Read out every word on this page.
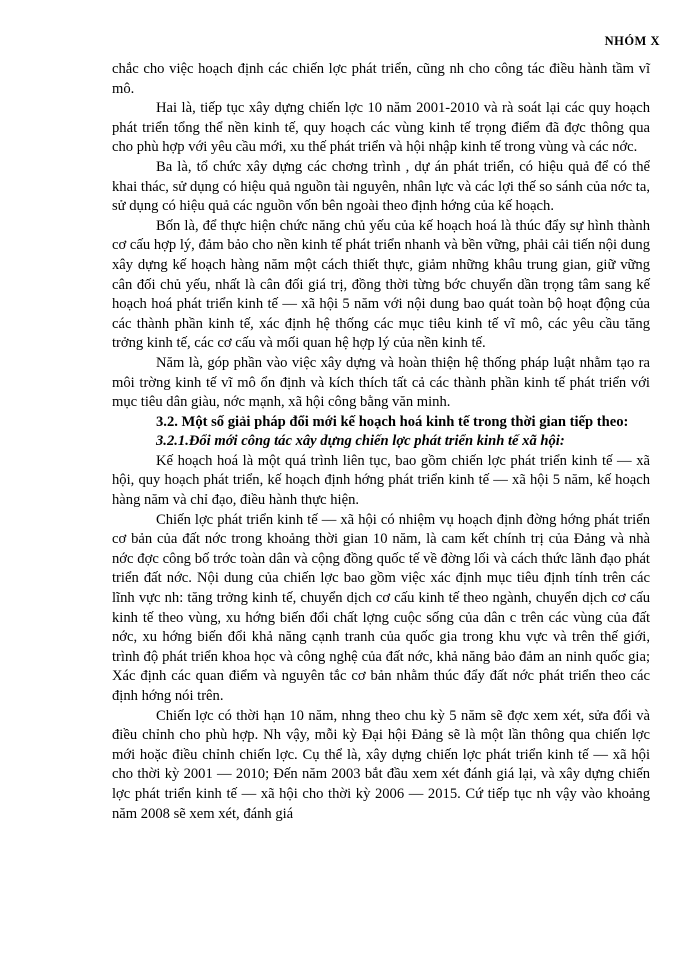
NHÓM X

chắc cho việc hoạch định các chiến lợc phát triển, cũng nh cho công tác điều hành tầm vĩ mô.

Hai là, tiếp tục xây dựng chiến lợc 10 năm 2001-2010 và rà soát lại các quy hoạch phát triển tổng thể nền kinh tế, quy hoạch các vùng kinh tế trọng điểm đã đợc thông qua cho phù hợp với yêu cầu mới, xu thế phát triển và hội nhập kinh tế trong vùng và các nớc.

Ba là, tổ chức xây dựng các chơng trình , dự án phát triển, có hiệu quả để có thể khai thác, sử dụng có hiệu quả nguồn tài nguyên, nhân lực và các lợi thế so sánh của nớc ta, sử dụng có hiệu quả các nguồn vốn bên ngoài theo định hớng của kế hoạch.

Bốn là, để thực hiện chức năng chủ yếu của kế hoạch hoá là thúc đẩy sự hình thành cơ cấu hợp lý, đảm bảo cho nền kinh tế phát triển nhanh và bền vững, phải cải tiến nội dung xây dựng kế hoạch hàng năm một cách thiết thực, giảm những khâu trung gian, giữ vững cân đối chủ yếu, nhất là cân đối giá trị, đồng thời từng bớc chuyển dần trọng tâm sang kế hoạch hoá phát triển kinh tế — xã hội 5 năm với nội dung bao quát toàn bộ hoạt động của các thành phần kinh tế, xác định hệ thống các mục tiêu kinh tế vĩ mô, các yêu cầu tăng trởng kinh tế, các cơ cấu và mối quan hệ hợp lý của nền kinh tế.

Năm là, góp phần vào việc xây dựng và hoàn thiện hệ thống pháp luật nhằm tạo ra môi trờng kinh tế vĩ mô ổn định và kích thích tất cả các thành phần kinh tế phát triển với mục tiêu dân giàu, nớc mạnh, xã hội công bằng văn minh.

3.2. Một số giải pháp đổi mới kế hoạch hoá kinh tế trong thời gian tiếp theo:

3.2.1.Đổi mới công tác xây dựng chiến lợc phát triển kinh tế xã hội:

Kế hoạch hoá là một quá trình liên tục, bao gồm chiến lợc phát triển kinh tế — xã hội, quy hoạch phát triển, kế hoạch định hớng phát triển kinh tế — xã hội 5 năm, kế hoạch hàng năm và chỉ đạo, điều hành thực hiện.

Chiến lợc phát triển kinh tế — xã hội có nhiệm vụ hoạch định đờng hớng phát triển cơ bản của đất nớc trong khoảng thời gian 10 năm, là cam kết chính trị của Đảng và nhà nớc đợc công bố trớc toàn dân và cộng đồng quốc tế về đờng lối và cách thức lãnh đạo phát triển đất nớc. Nội dung của chiến lợc bao gồm việc xác định mục tiêu định tính trên các lĩnh vực nh: tăng trởng kinh tế, chuyển dịch cơ cấu kinh tế theo ngành, chuyển dịch cơ cấu kinh tế theo vùng, xu hớng biến đổi chất lợng cuộc sống của dân c trên các vùng của đất nớc, xu hớng biến đổi khả năng cạnh tranh của quốc gia trong khu vực và trên thế giới, trình độ phát triển khoa học và công nghệ của đất nớc, khả năng bảo đảm an ninh quốc gia; Xác định các quan điểm và nguyên tắc cơ bản nhằm thúc đẩy đất nớc phát triển theo các định hớng nói trên.

Chiến lợc có thời hạn 10 năm, nhng theo chu kỳ 5 năm sẽ đợc xem xét, sửa đổi và điều chỉnh cho phù hợp. Nh vậy, mỗi kỳ Đại hội Đảng sẽ là một lần thông qua chiến lợc mới hoặc điều chỉnh chiến lợc. Cụ thể là, xây dựng chiến lợc phát triển kinh tế — xã hội cho thời kỳ 2001 — 2010; Đến năm 2003 bắt đầu xem xét đánh giá lại, và xây dựng chiến lợc phát triển kinh tế — xã hội cho thời kỳ 2006 — 2015. Cứ tiếp tục nh vậy vào khoảng năm 2008 sẽ xem xét, đánh giá
